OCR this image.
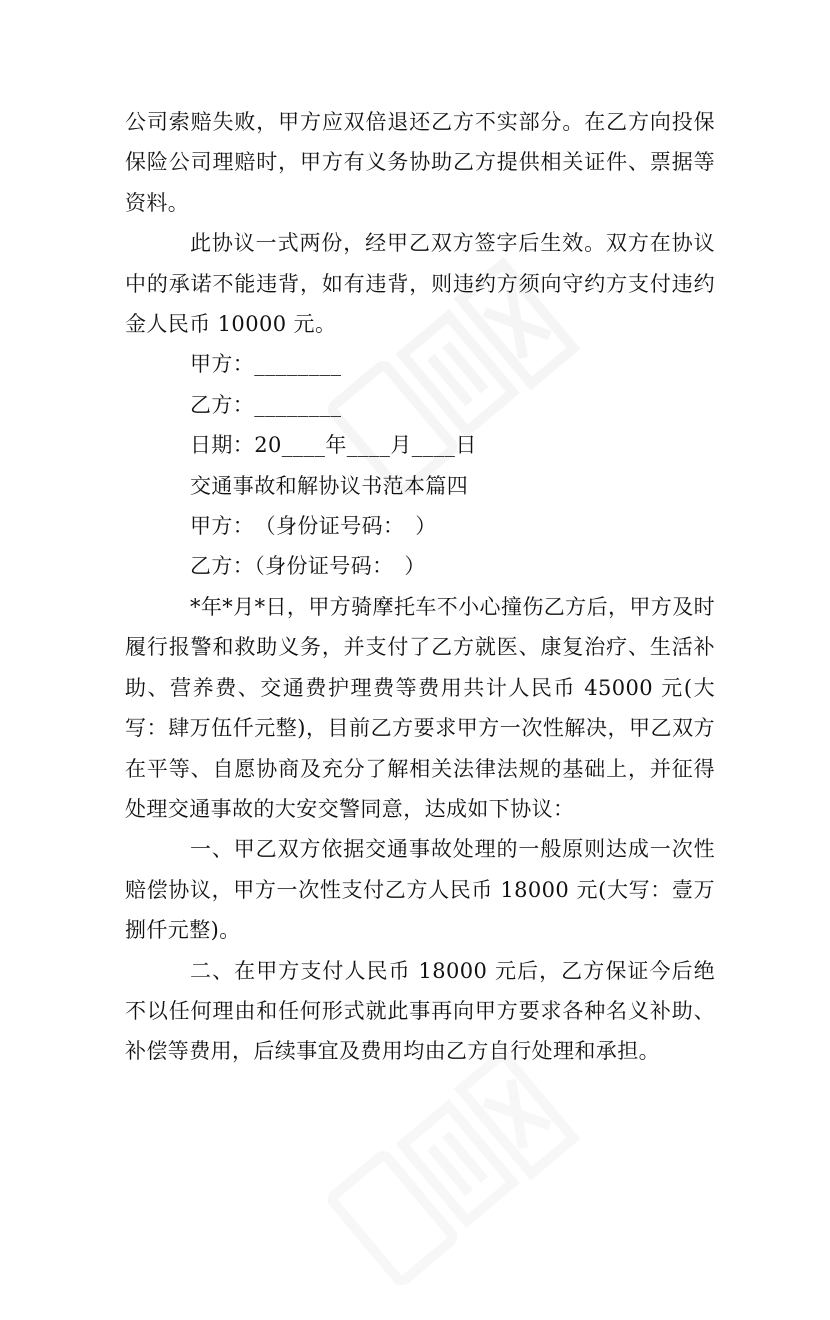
公司索赔失败，甲方应双倍退还乙方不实部分。在乙方向投保保险公司理赔时，甲方有义务协助乙方提供相关证件、票据等资料。

此协议一式两份，经甲乙双方签字后生效。双方在协议中的承诺不能违背，如有违背，则违约方须向守约方支付违约金人民币 10000 元。

甲方：________

乙方：________

日期：20____年____月____日

交通事故和解协议书范本篇四

甲方：　（身份证号码：　）

乙方：（身份证号码：　）

*年*月*日，甲方骑摩托车不小心撞伤乙方后，甲方及时履行报警和救助义务，并支付了乙方就医、康复治疗、生活补助、营养费、交通费护理费等费用共计人民币 45000 元(大写：肆万伍仟元整)，目前乙方要求甲方一次性解决，甲乙双方在平等、自愿协商及充分了解相关法律法规的基础上，并征得处理交通事故的大安交警同意，达成如下协议：

一、甲乙双方依据交通事故处理的一般原则达成一次性赔偿协议，甲方一次性支付乙方人民币 18000 元(大写：壹万捌仟元整)。

二、在甲方支付人民币 18000 元后，乙方保证今后绝不以任何理由和任何形式就此事再向甲方要求各种名义补助、补偿等费用，后续事宜及费用均由乙方自行处理和承担。
